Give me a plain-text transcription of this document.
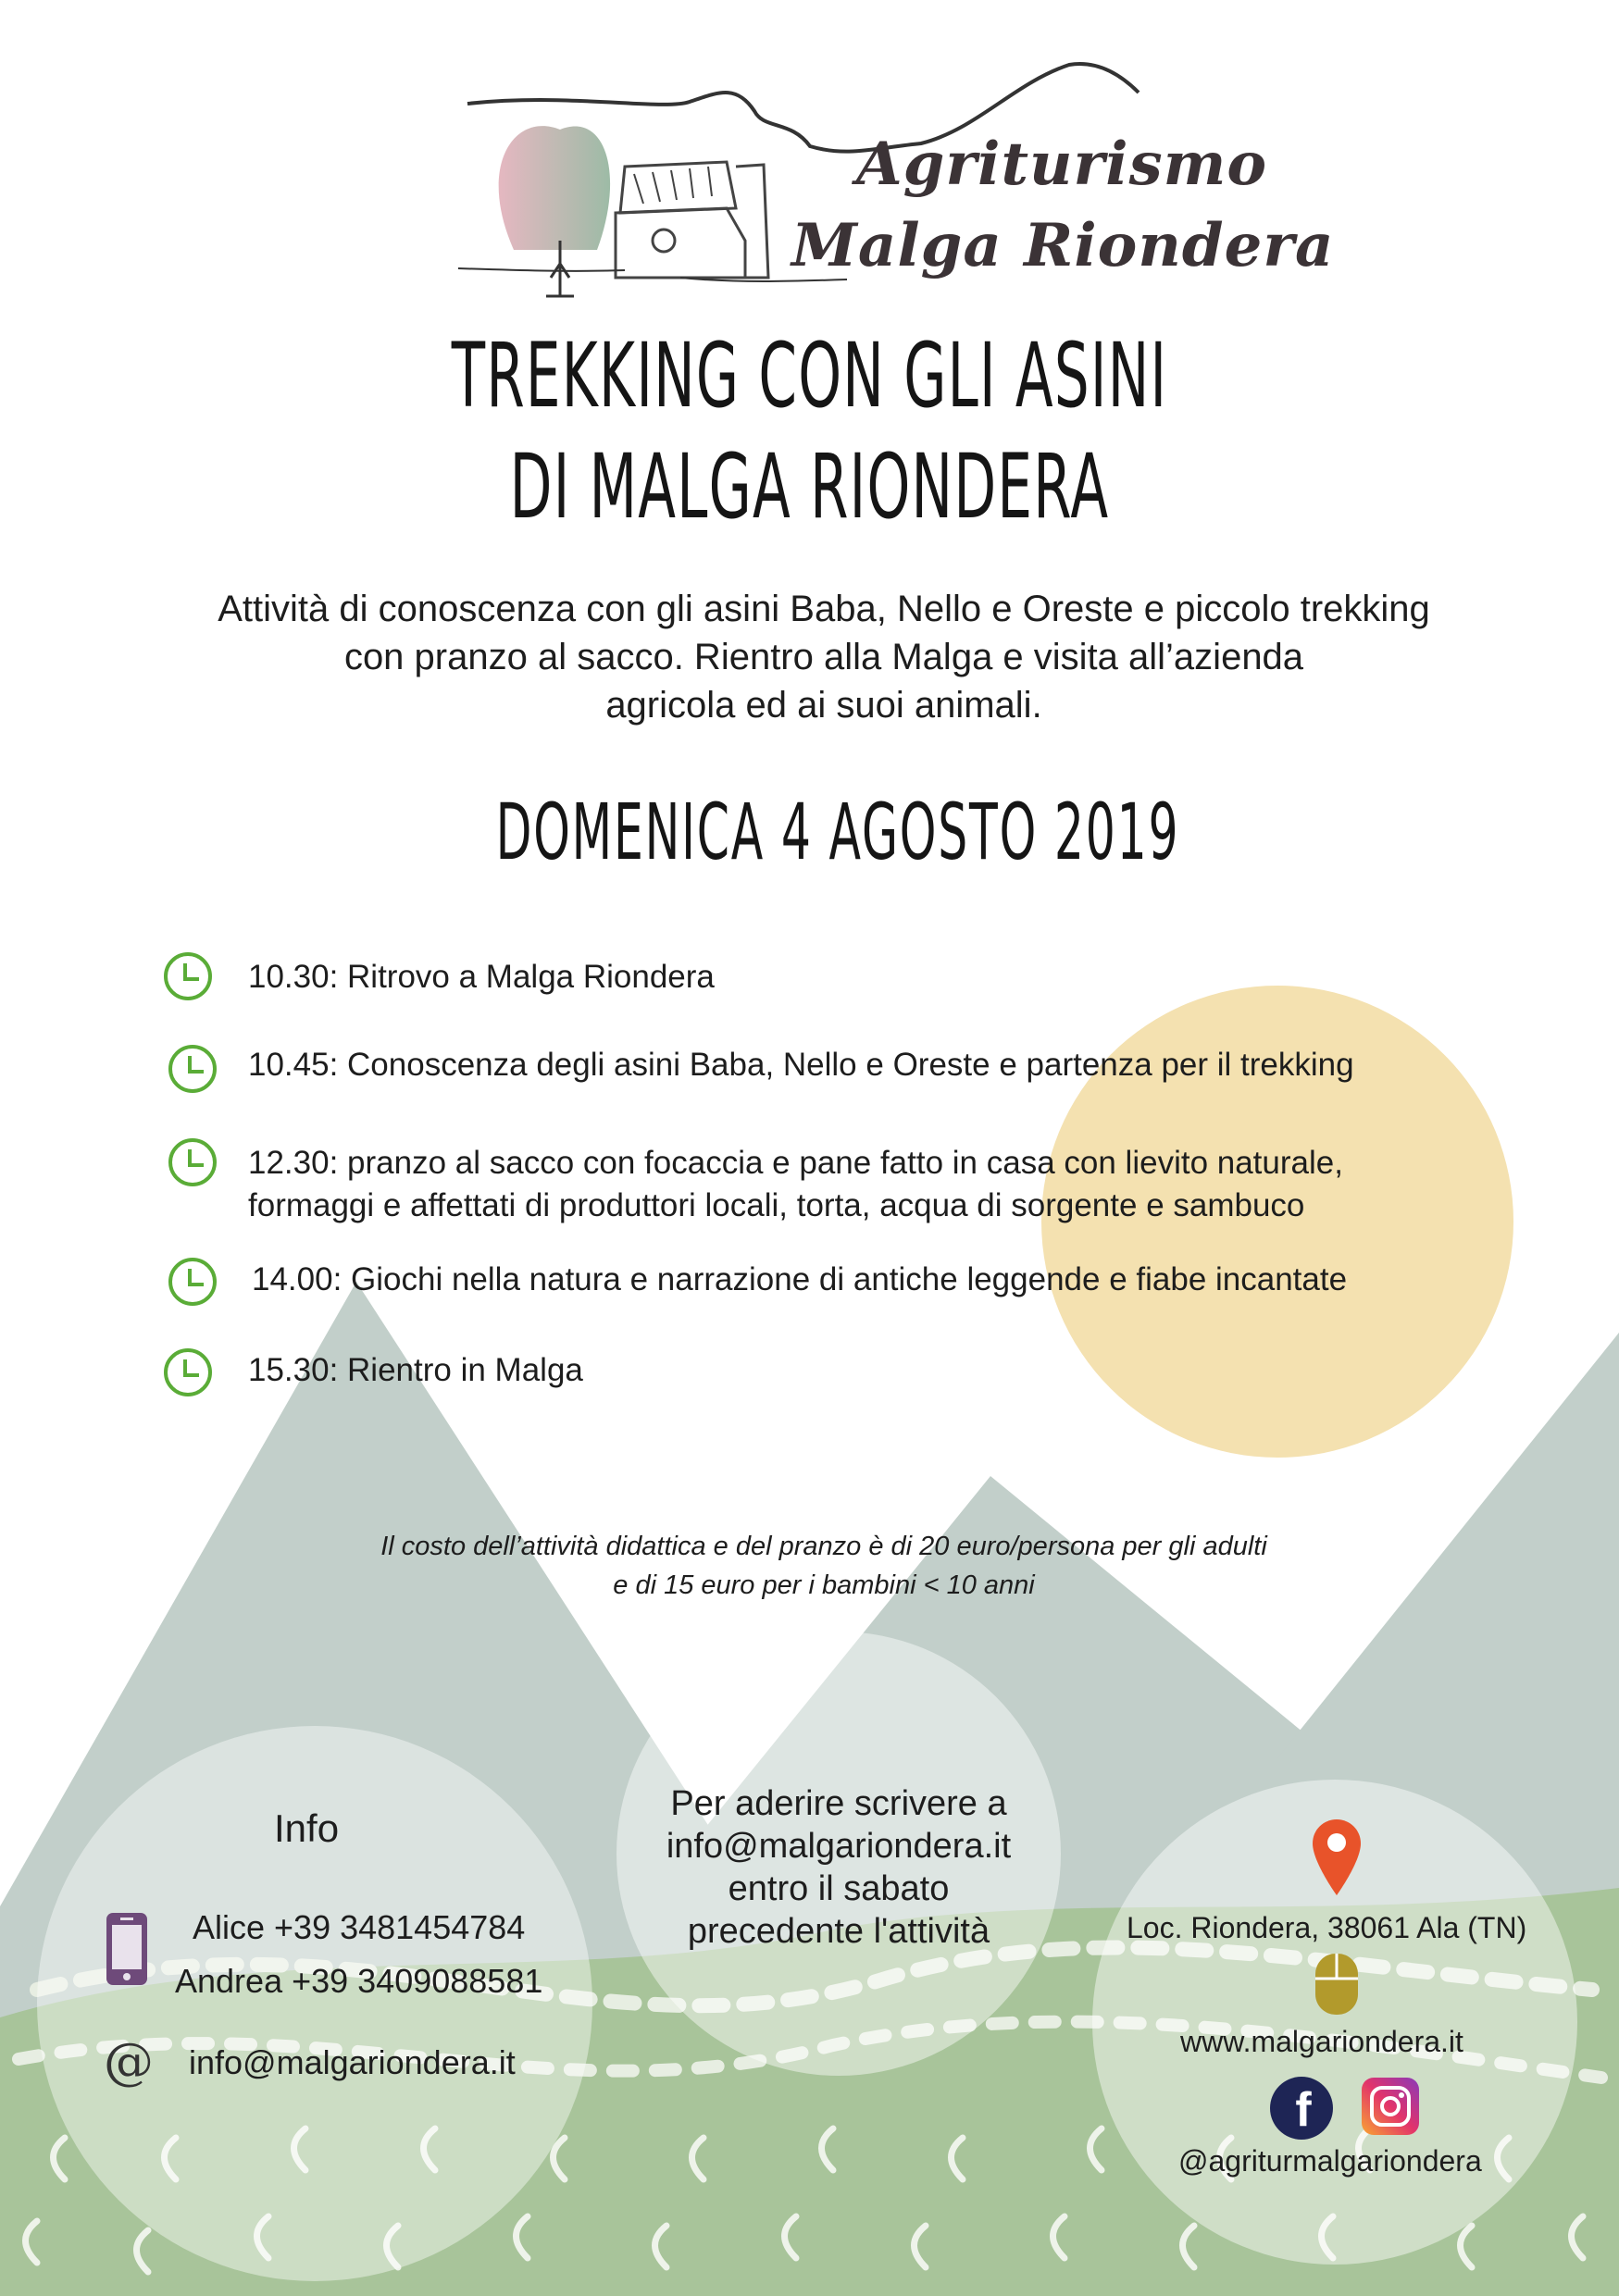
Agriturismo
Malga Riondera
TREKKING CON GLI ASINI
DI MALGA RIONDERA
Attività di conoscenza con gli asini Baba, Nello e Oreste e piccolo trekking
con pranzo al sacco. Rientro alla Malga e visita all’azienda
agricola ed ai suoi animali.
DOMENICA 4 AGOSTO 2019
10.30: Ritrovo a Malga Riondera
10.45: Conoscenza degli asini Baba, Nello e Oreste e partenza per il trekking
12.30: pranzo al sacco con focaccia e pane fatto in casa con lievito naturale,
formaggi e affettati di produttori locali, torta, acqua di sorgente e sambuco
14.00: Giochi nella natura e narrazione di antiche leggende e fiabe incantate
15.30: Rientro in Malga
Il costo dell’attività didattica e del pranzo è di 20 euro/persona per gli adulti
e di 15 euro per i bambini < 10 anni
Info
Alice +39 3481454784
Andrea +39 3409088581
@ info@malgariondera.it
Per aderire scrivere a
info@malgariondera.it
entro il sabato
precedente l'attività	Loc. Riondera, 38061 Ala (TN)
www.malgariondera.it
f
@agriturmalgariondera
